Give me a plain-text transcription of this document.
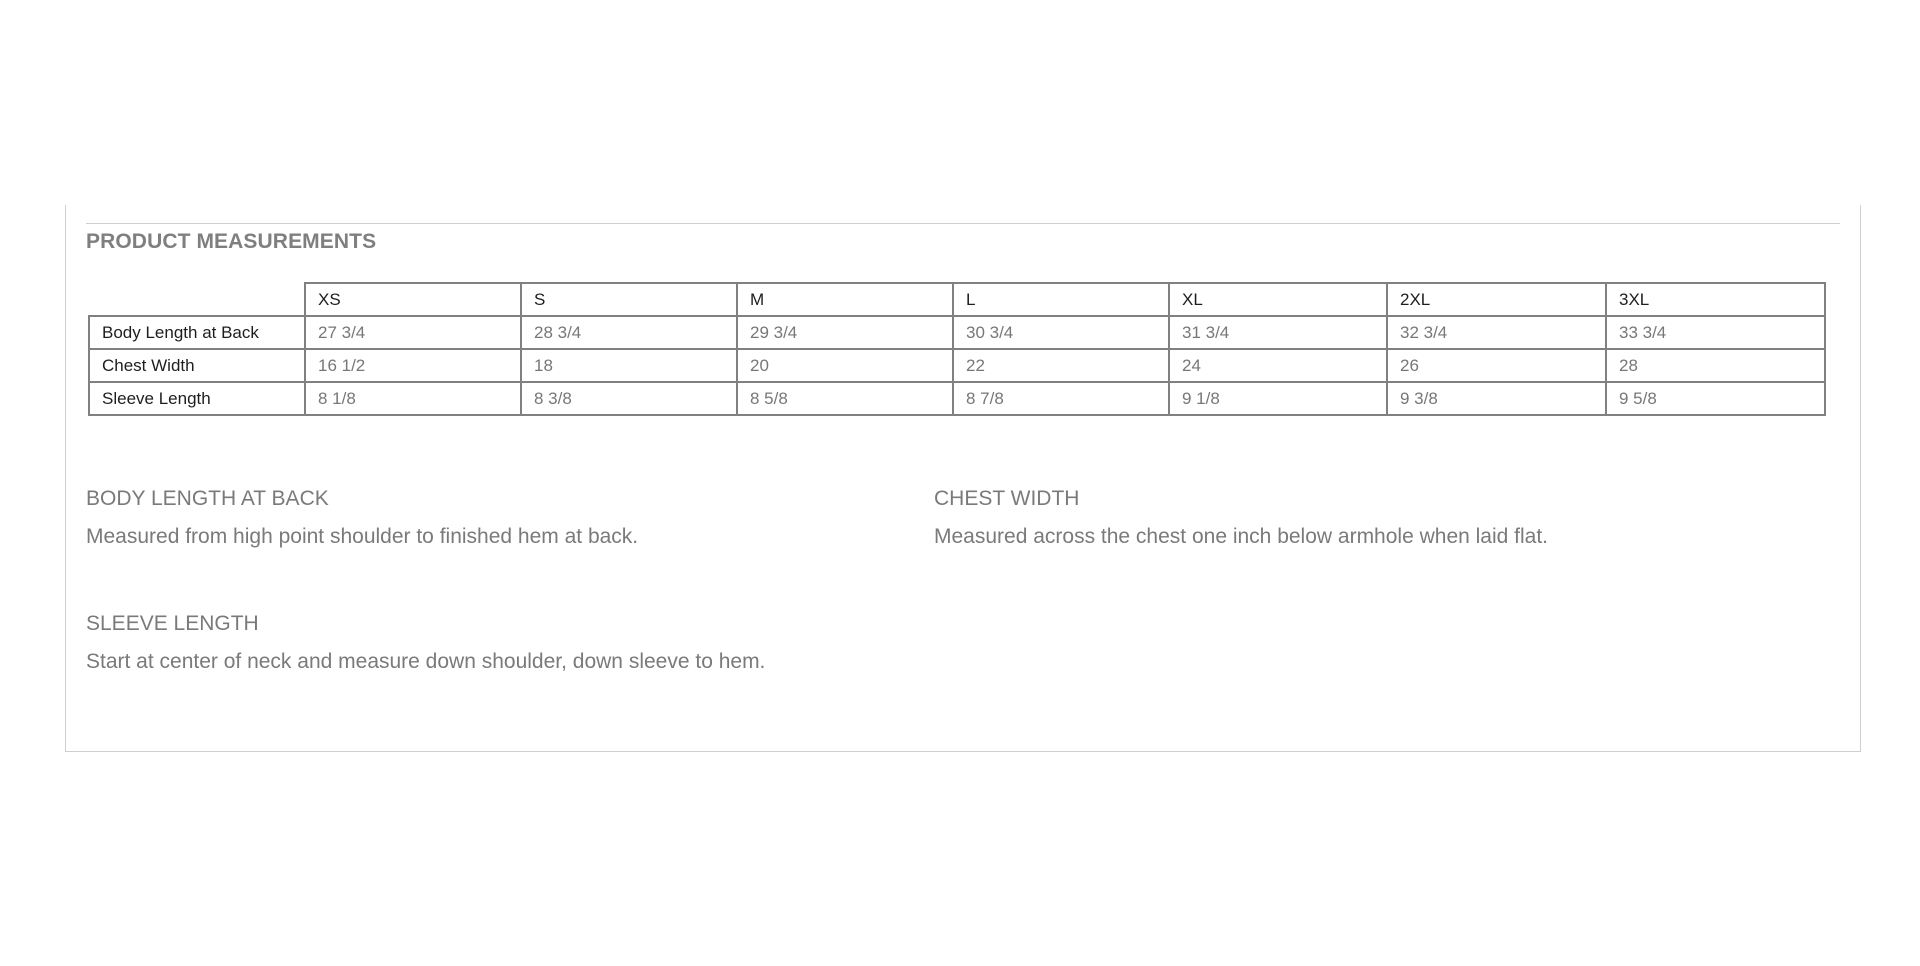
PRODUCT MEASUREMENTS
	XS	S	M	L	XL	2XL	3XL
Body Length at Back	27 3/4	28 3/4	29 3/4	30 3/4	31 3/4	32 3/4	33 3/4
Chest Width	16 1/2	18	20	22	24	26	28
Sleeve Length	8 1/8	8 3/8	8 5/8	8 7/8	9 1/8	9 3/8	9 5/8
BODY LENGTH AT BACK

Measured from high point shoulder to finished hem at back.

CHEST WIDTH

Measured across the chest one inch below armhole when laid flat.

SLEEVE LENGTH

Start at center of neck and measure down shoulder, down sleeve to hem.
